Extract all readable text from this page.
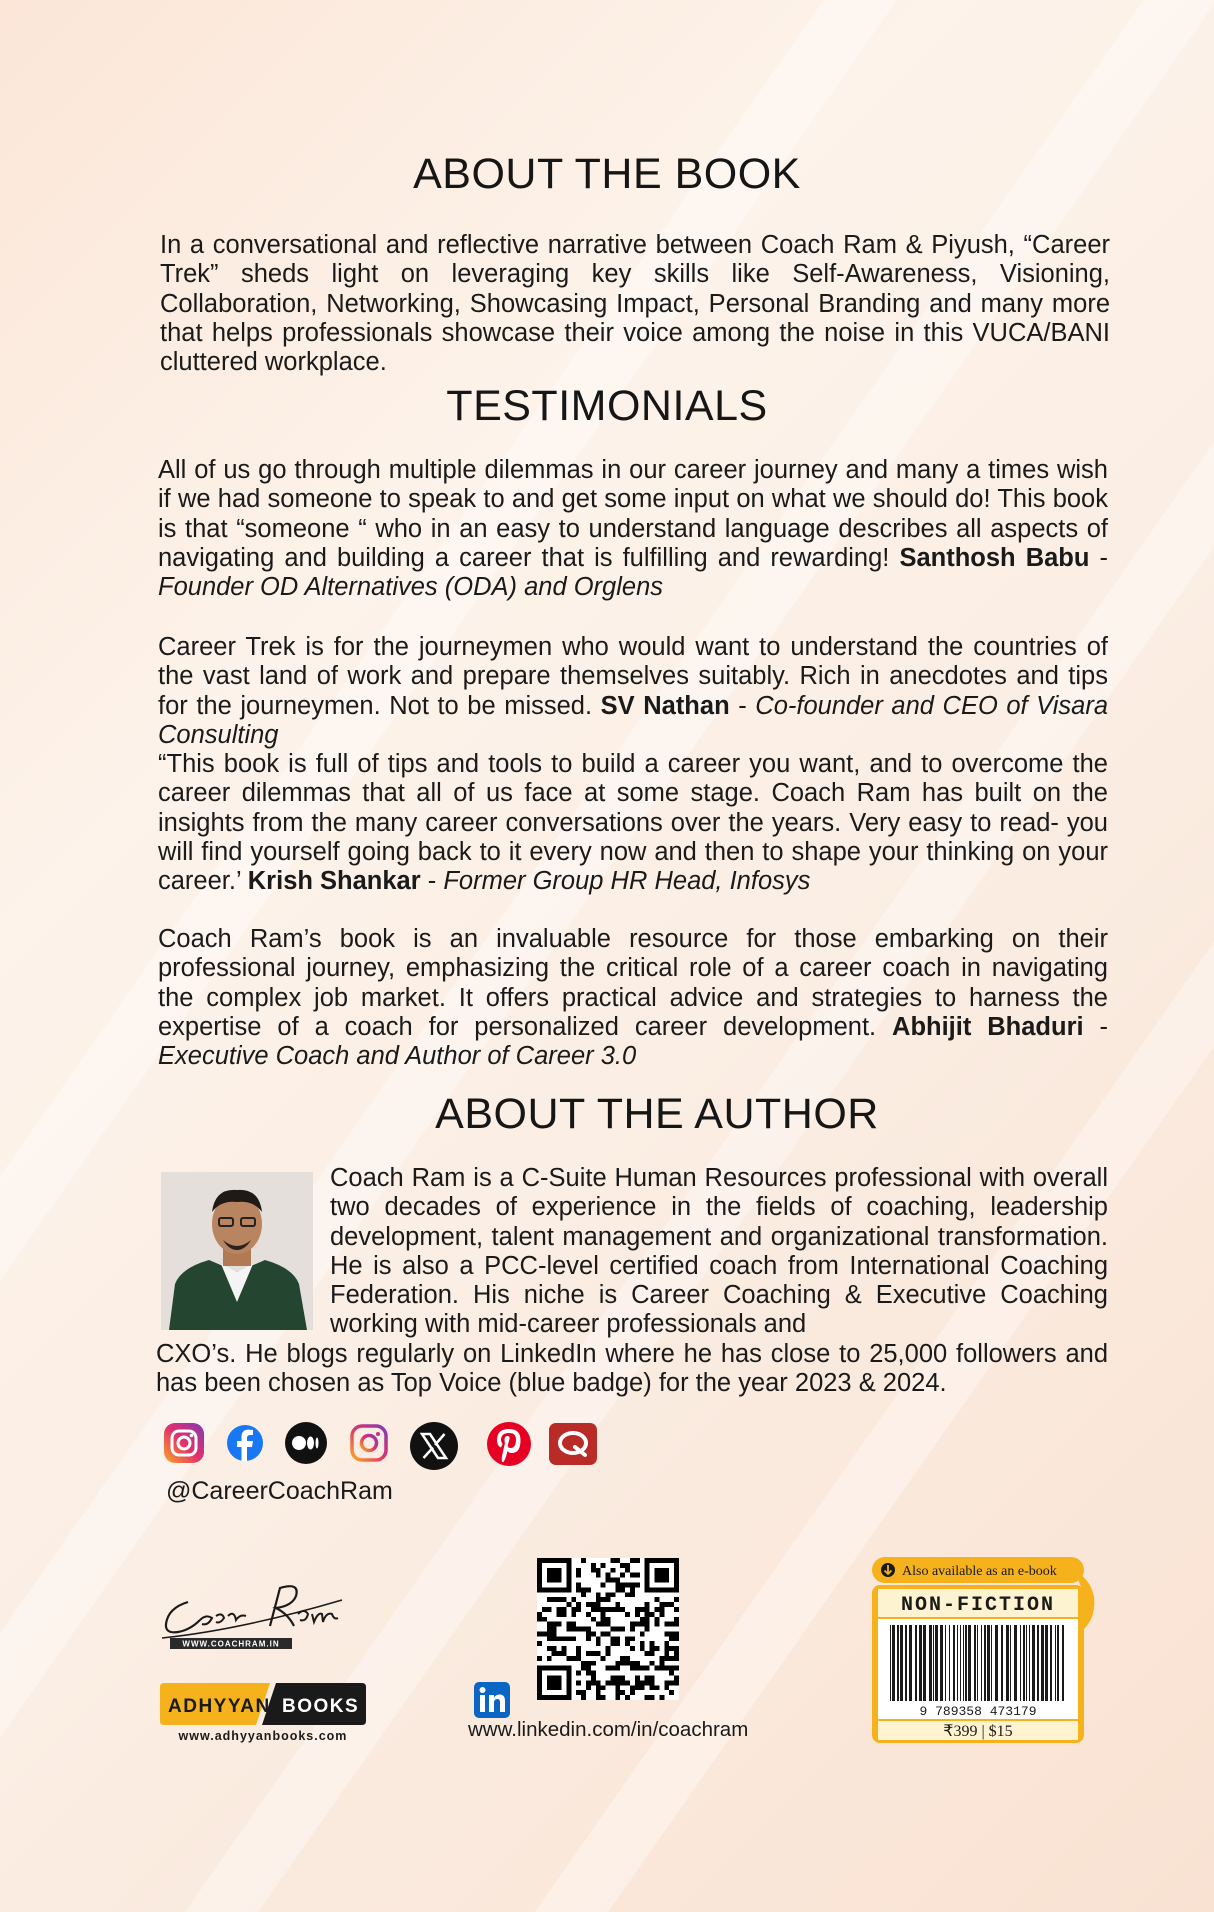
ABOUT THE BOOK
In a conversational and reflective narrative between Coach Ram & Piyush, “Career Trek” sheds light on leveraging key skills like Self-Awareness, Visioning, Collaboration, Networking, Showcasing Impact, Personal Branding and many more that helps professionals showcase their voice among the noise in this VUCA/BANI cluttered workplace.
TESTIMONIALS
All of us go through multiple dilemmas in our career journey and many a times wish if we had someone to speak to and get some input on what we should do! This book is that “someone “ who in an easy to understand language describes all aspects of navigating and building a career that is fulfilling and rewarding! Santhosh Babu - Founder OD Alternatives (ODA) and Orglens
Career Trek is for the journeymen who would want to understand the countries of the vast land of work and prepare themselves suitably. Rich in anecdotes and tips for the journeymen. Not to be missed. SV Nathan - Co-founder and CEO of Visara Consulting
“This book is full of tips and tools to build a career you want, and to overcome the career dilemmas that all of us face at some stage. Coach Ram has built on the insights from the many career conversations over the years. Very easy to read- you will find yourself going back to it every now and then to shape your thinking on your career.’ Krish Shankar - Former Group HR Head, Infosys
Coach Ram’s book is an invaluable resource for those embarking on their professional journey, emphasizing the critical role of a career coach in navigating the complex job market. It offers practical advice and strategies to harness the expertise of a coach for personalized career development. Abhijit Bhaduri - Executive Coach and Author of Career 3.0
ABOUT THE AUTHOR
Coach Ram is a C-Suite Human Resources professional with overall two decades of experience in the fields of coaching, leadership development, talent management and organizational transformation. He is also a PCC-level certified coach from International Coaching Federation. His niche is Career Coaching & Executive Coaching working with mid-career professionals and
CXO’s. He blogs regularly on LinkedIn where he has close to 25,000 followers and has been chosen as Top Voice (blue badge) for the year 2023 & 2024.
@CareerCoachRam
WWW.COACHRAM.IN
ADHYYAN BOOKS
www.adhyyanbooks.com	www.linkedin.com/in/coachram
Also available as an e-book
NON-FICTION
9 789358 473179
₹399 | $15
